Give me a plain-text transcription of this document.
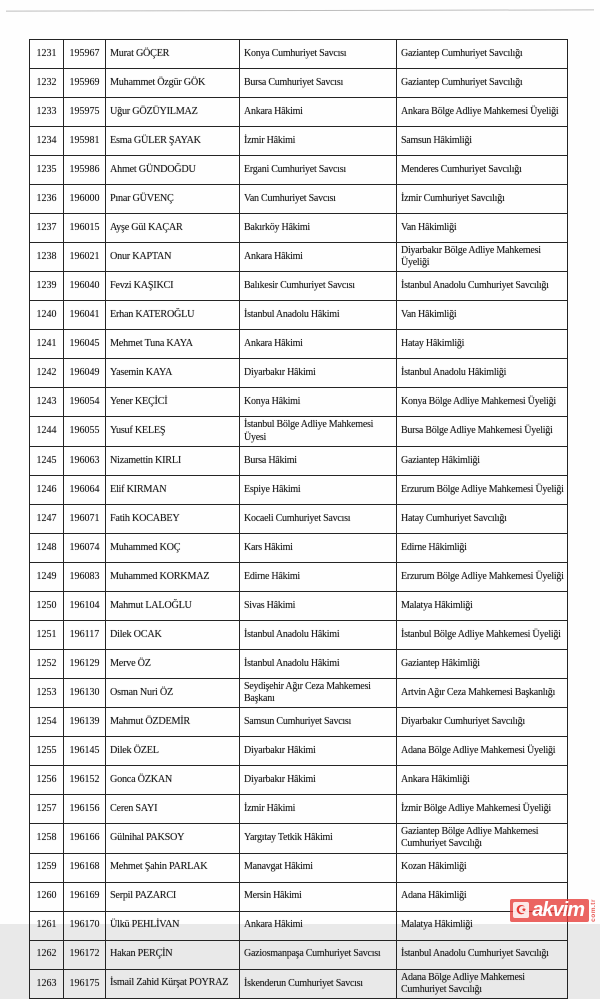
1231	195967	Murat GÖÇER	Konya Cumhuriyet Savcısı	Gaziantep Cumhuriyet Savcılığı
1232	195969	Muhammet Özgür GÖK	Bursa Cumhuriyet Savcısı	Gaziantep Cumhuriyet Savcılığı
1233	195975	Uğur GÖZÜYILMAZ	Ankara Hâkimi	Ankara Bölge Adliye Mahkemesi Üyeliği
1234	195981	Esma GÜLER ŞAYAK	İzmir Hâkimi	Samsun Hâkimliği
1235	195986	Ahmet GÜNDOĞDU	Ergani Cumhuriyet Savcısı	Menderes Cumhuriyet Savcılığı
1236	196000	Pınar GÜVENÇ	Van Cumhuriyet Savcısı	İzmir Cumhuriyet Savcılığı
1237	196015	Ayşe Gül KAÇAR	Bakırköy Hâkimi	Van Hâkimliği
1238	196021	Onur KAPTAN	Ankara Hâkimi	Diyarbakır Bölge Adliye Mahkemesi Üyeliği
1239	196040	Fevzi KAŞIKCI	Balıkesir Cumhuriyet Savcısı	İstanbul Anadolu Cumhuriyet Savcılığı
1240	196041	Erhan KATEROĞLU	İstanbul Anadolu Hâkimi	Van Hâkimliği
1241	196045	Mehmet Tuna KAYA	Ankara Hâkimi	Hatay Hâkimliği
1242	196049	Yasemin KAYA	Diyarbakır Hâkimi	İstanbul Anadolu Hâkimliği
1243	196054	Yener KEÇİCİ	Konya Hâkimi	Konya Bölge Adliye Mahkemesi Üyeliği
1244	196055	Yusuf KELEŞ	İstanbul Bölge Adliye Mahkemesi Üyesi	Bursa Bölge Adliye Mahkemesi Üyeliği
1245	196063	Nizamettin KIRLI	Bursa Hâkimi	Gaziantep Hâkimliği
1246	196064	Elif KIRMAN	Espiye Hâkimi	Erzurum Bölge Adliye Mahkemesi Üyeliği
1247	196071	Fatih KOCABEY	Kocaeli Cumhuriyet Savcısı	Hatay Cumhuriyet Savcılığı
1248	196074	Muhammed KOÇ	Kars Hâkimi	Edirne Hâkimliği
1249	196083	Muhammed KORKMAZ	Edirne Hâkimi	Erzurum Bölge Adliye Mahkemesi Üyeliği
1250	196104	Mahmut LALOĞLU	Sivas Hâkimi	Malatya Hâkimliği
1251	196117	Dilek OCAK	İstanbul Anadolu Hâkimi	İstanbul Bölge Adliye Mahkemesi Üyeliği
1252	196129	Merve ÖZ	İstanbul Anadolu Hâkimi	Gaziantep Hâkimliği
1253	196130	Osman Nuri ÖZ	Seydişehir Ağır Ceza Mahkemesi Başkanı	Artvin Ağır Ceza Mahkemesi Başkanlığı
1254	196139	Mahmut ÖZDEMİR	Samsun Cumhuriyet Savcısı	Diyarbakır Cumhuriyet Savcılığı
1255	196145	Dilek ÖZEL	Diyarbakır Hâkimi	Adana Bölge Adliye Mahkemesi Üyeliği
1256	196152	Gonca ÖZKAN	Diyarbakır Hâkimi	Ankara Hâkimliği
1257	196156	Ceren SAYI	İzmir Hâkimi	İzmir Bölge Adliye Mahkemesi Üyeliği
1258	196166	Gülnihal PAKSOY	Yargıtay Tetkik Hâkimi	Gaziantep Bölge Adliye Mahkemesi Cumhuriyet Savcılığı
1259	196168	Mehmet Şahin PARLAK	Manavgat Hâkimi	Kozan Hâkimliği
1260	196169	Serpil PAZARCI	Mersin Hâkimi	Adana Hâkimliği
1261	196170	Ülkü PEHLİVAN	Ankara Hâkimi	Malatya Hâkimliği
1262	196172	Hakan PERÇİN	Gaziosmanpaşa Cumhuriyet Savcısı	İstanbul Anadolu Cumhuriyet Savcılığı
1263	196175	İsmail Zahid Kürşat POYRAZ	İskenderun Cumhuriyet Savcısı	Adana Bölge Adliye Mahkemesi Cumhuriyet Savcılığı
☪ akvim com.tr
